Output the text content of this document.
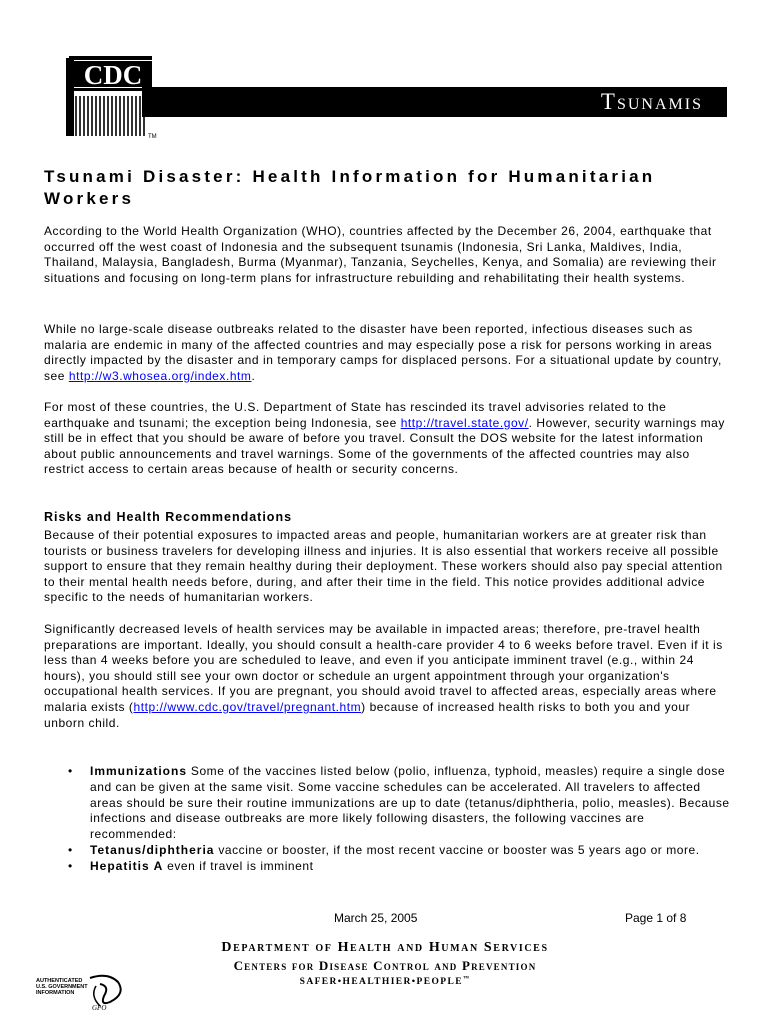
CDC
TM
Tsunamis
Tsunami Disaster: Health Information for Humanitarian Workers
According to the World Health Organization (WHO), countries affected by the December 26, 2004, earthquake that occurred off the west coast of Indonesia and the subsequent tsunamis (Indonesia, Sri Lanka, Maldives, India, Thailand, Malaysia, Bangladesh, Burma (Myanmar), Tanzania, Seychelles, Kenya, and Somalia) are reviewing their situations and focusing on long-term plans for infrastructure rebuilding and rehabilitating their health systems.
While no large-scale disease outbreaks related to the disaster have been reported, infectious diseases such as malaria are endemic in many of the affected countries and may especially pose a risk for persons working in areas directly impacted by the disaster and in temporary camps for displaced persons. For a situational update by country, see http://w3.whosea.org/index.htm.
For most of these countries, the U.S. Department of State has rescinded its travel advisories related to the earthquake and tsunami; the exception being Indonesia, see http://travel.state.gov/. However, security warnings may still be in effect that you should be aware of before you travel. Consult the DOS website for the latest information about public announcements and travel warnings. Some of the governments of the affected countries may also restrict access to certain areas because of health or security concerns.
Risks and Health Recommendations
Because of their potential exposures to impacted areas and people, humanitarian workers are at greater risk than tourists or business travelers for developing illness and injuries. It is also essential that workers receive all possible support to ensure that they remain healthy during their deployment. These workers should also pay special attention to their mental health needs before, during, and after their time in the field. This notice provides additional advice specific to the needs of humanitarian workers.
Significantly decreased levels of health services may be available in impacted areas; therefore, pre-travel health preparations are important. Ideally, you should consult a health-care provider 4 to 6 weeks before travel. Even if it is less than 4 weeks before you are scheduled to leave, and even if you anticipate imminent travel (e.g., within 24 hours), you should still see your own doctor or schedule an urgent appointment through your organization's occupational health services. If you are pregnant, you should avoid travel to affected areas, especially areas where malaria exists (http://www.cdc.gov/travel/pregnant.htm) because of increased health risks to both you and your unborn child.
• Immunizations Some of the vaccines listed below (polio, influenza, typhoid, measles) require a single dose and can be given at the same visit. Some vaccine schedules can be accelerated. All travelers to affected areas should be sure their routine immunizations are up to date (tetanus/diphtheria, polio, measles). Because infections and disease outbreaks are more likely following disasters, the following vaccines are recommended:
• Tetanus/diphtheria vaccine or booster, if the most recent vaccine or booster was 5 years ago or more.
• Hepatitis A even if travel is imminent
March 25, 2005	Page 1 of 8
Department of Health and Human Services
Centers for Disease Control and Prevention
SAFER•HEALTHIER•PEOPLE™
GPO
AUTHENTICATED
U.S. GOVERNMENT
INFORMATION
